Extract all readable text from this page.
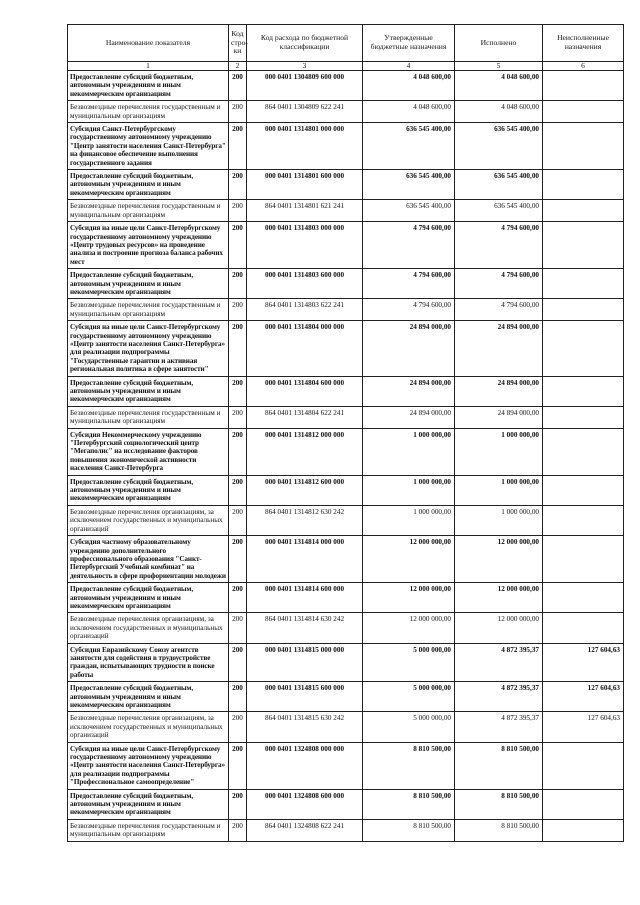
Наименование показателя	Код стро-ки	Код расхода по бюджетной классификации	Утвержденные бюджетные назначения	Исполнено	Неисполненные назначения
1	2	3	4	5	6
Предоставление субсидий бюджетным, автономным учреждениям и иным некоммерческим организациям	200	000 0401 1304809 600 000	4 048 600,00	4 048 600,00	
Безвозмездные перечисления государственным и муниципальным организациям	200	864 0401 1304809 622 241	4 048 600,00	4 048 600,00	
Субсидия Санкт-Петербургскому государственному автономному учреждению "Центр занятости населения Санкт-Петербурга" на финансовое обеспечение выполнения государственного задания	200	000 0401 1314801 000 000	636 545 400,00	636 545 400,00	
Предоставление субсидий бюджетным, автономным учреждениям и иным некоммерческим организациям	200	000 0401 1314801 600 000	636 545 400,00	636 545 400,00	
Безвозмездные перечисления государственным и муниципальным организациям	200	864 0401 1314801 621 241	636 545 400,00	636 545 400,00	
Субсидия на иные цели Санкт-Петербургскому государственному автономному учреждению «Центр трудовых ресурсов» на проведение анализа и построение прогноза баланса рабочих мест	200	000 0401 1314803 000 000	4 794 600,00	4 794 600,00	
Предоставление субсидий бюджетным, автономным учреждениям и иным некоммерческим организациям	200	000 0401 1314803 600 000	4 794 600,00	4 794 600,00	
Безвозмездные перечисления государственным и муниципальным организациям	200	864 0401 1314803 622 241	4 794 600,00	4 794 600,00	
Субсидия на иные цели Санкт-Петербургскому государственному автономному учреждению «Центр занятости населения Санкт-Петербурга» для реализации подпрограммы "Государственные гарантии и активная региональная политика в сфере занятости"	200	000 0401 1314804 000 000	24 894 000,00	24 894 000,00	
Предоставление субсидий бюджетным, автономным учреждениям и иным некоммерческим организациям	200	000 0401 1314804 600 000	24 894 000,00	24 894 000,00	
Безвозмездные перечисления государственным и муниципальным организациям	200	864 0401 1314804 622 241	24 894 000,00	24 894 000,00	
Субсидия Некоммерческому учреждению "Петербургский социологический центр "Мегаполис" на исследование факторов повышения экономической активности населения Санкт-Петербурга	200	000 0401 1314812 000 000	1 000 000,00	1 000 000,00	
Предоставление субсидий бюджетным, автономным учреждениям и иным некоммерческим организациям	200	000 0401 1314812 600 000	1 000 000,00	1 000 000,00	
Безвозмездные перечисления организациям, за исключением государственных и муниципальных организаций	200	864 0401 1314812 630 242	1 000 000,00	1 000 000,00	
Субсидия частному образовательному учреждению дополнительного профессионального образования "Санкт-Петербургский Учебный комбинат" на деятельность в сфере профориентации молодежи	200	000 0401 1314814 000 000	12 000 000,00	12 000 000,00	
Предоставление субсидий бюджетным, автономным учреждениям и иным некоммерческим организациям	200	000 0401 1314814 600 000	12 000 000,00	12 000 000,00	
Безвозмездные перечисления организациям, за исключением государственных и муниципальных организаций	200	864 0401 1314814 630 242	12 000 000,00	12 000 000,00	
Субсидия Евразийскому Союзу агентств занятости для содействия в трудоустройстве граждан, испытывающих трудности в поиске работы	200	000 0401 1314815 000 000	5 000 000,00	4 872 395,37	127 604,63
Предоставление субсидий бюджетным, автономным учреждениям и иным некоммерческим организациям	200	000 0401 1314815 600 000	5 000 000,00	4 872 395,37	127 604,63
Безвозмездные перечисления организациям, за исключением государственных и муниципальных организаций	200	864 0401 1314815 630 242	5 000 000,00	4 872 395,37	127 604,63
Субсидия на иные цели Санкт-Петербургскому государственному автономному учреждению «Центр занятости населения Санкт-Петербурга» для реализации подпрограммы "Профессиональное самоопределение"	200	000 0401 1324808 000 000	8 810 500,00	8 810 500,00	
Предоставление субсидий бюджетным, автономным учреждениям и иным некоммерческим организациям	200	000 0401 1324808 600 000	8 810 500,00	8 810 500,00	
Безвозмездные перечисления государственным и муниципальным организациям	200	864 0401 1324808 622 241	8 810 500,00	8 810 500,00	
